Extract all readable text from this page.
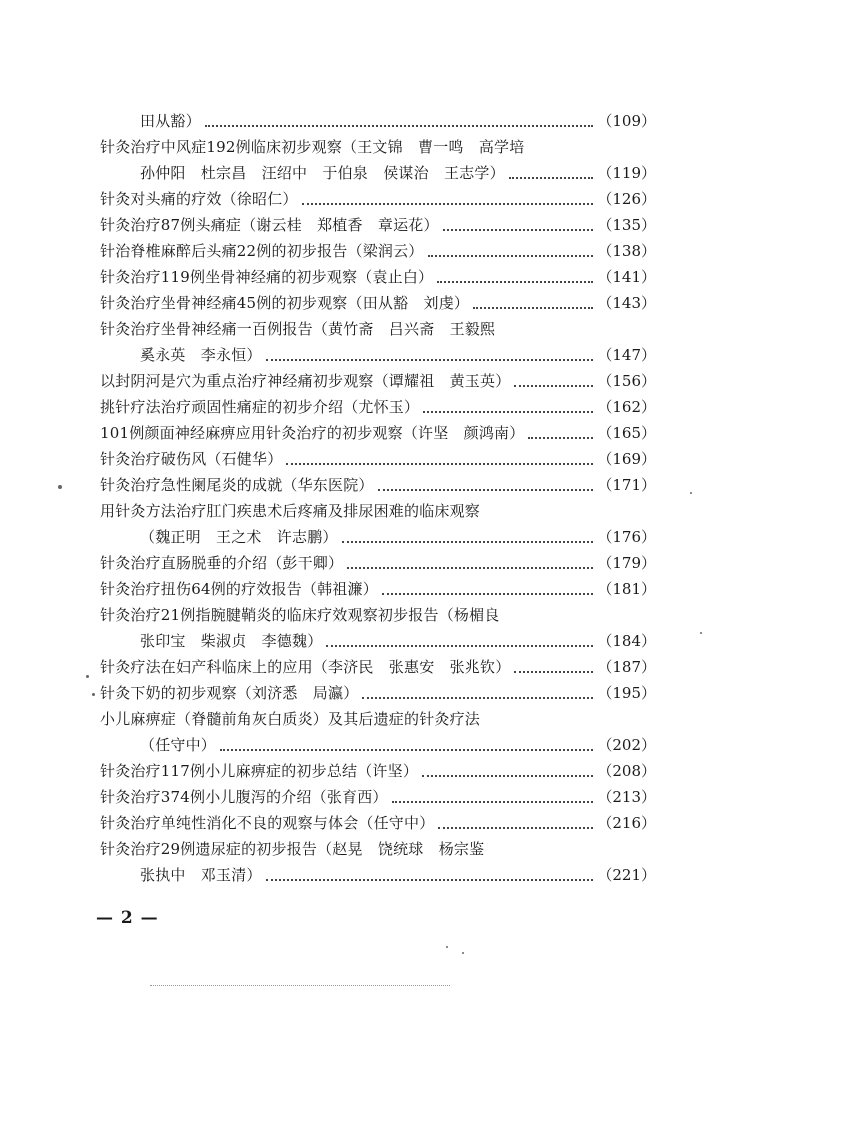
田从豁）	（109）
针灸治疗中风症192例临床初步观察（王文锦　曹一鸣　高学培
孙仲阳　杜宗昌　汪绍中　于伯泉　侯谋治　王志学）	（119）
针灸对头痛的疗效（徐昭仁）	（126）
针灸治疗87例头痛症（谢云桂　郑植香　章运花）	（135）
针治脊椎麻醉后头痛22例的初步报告（梁润云）	（138）
针灸治疗119例坐骨神经痛的初步观察（袁止白）	（141）
针灸治疗坐骨神经痛45例的初步观察（田从豁　刘虔）	（143）
针灸治疗坐骨神经痛一百例报告（黄竹斋　吕兴斋　王毅熙
奚永英　李永恒）	（147）
以封阴河是穴为重点治疗神经痛初步观察（谭耀祖　黄玉英）	（156）
挑针疗法治疗顽固性痛症的初步介绍（尤怀玉）	（162）
101例颜面神经麻痹应用针灸治疗的初步观察（许坚　颜鸿南）	（165）
针灸治疗破伤风（石健华）	（169）
针灸治疗急性阑尾炎的成就（华东医院）	（171）
用针灸方法治疗肛门疾患术后疼痛及排尿困难的临床观察
（魏正明　王之术　许志鹏）	（176）
针灸治疗直肠脱垂的介绍（彭干卿）	（179）
针灸治疗扭伤64例的疗效报告（韩祖濂）	（181）
针灸治疗21例指腕腱鞘炎的临床疗效观察初步报告（杨楣良
张印宝　柴淑贞　李德魏）	（184）
针灸疗法在妇产科临床上的应用（李济民　张惠安　张兆钦）	（187）
针灸下奶的初步观察（刘济悉　局瀛）	（195）
小儿麻痹症（脊髓前角灰白质炎）及其后遗症的针灸疗法
（任守中）	（202）
针灸治疗117例小儿麻痹症的初步总结（许坚）	（208）
针灸治疗374例小儿腹泻的介绍（张育西）	（213）
针灸治疗单纯性消化不良的观察与体会（任守中）	（216）
针灸治疗29例遗尿症的初步报告（赵晃　饶统球　杨宗鉴
张执中　邓玉清）	（221）
— 2 —
